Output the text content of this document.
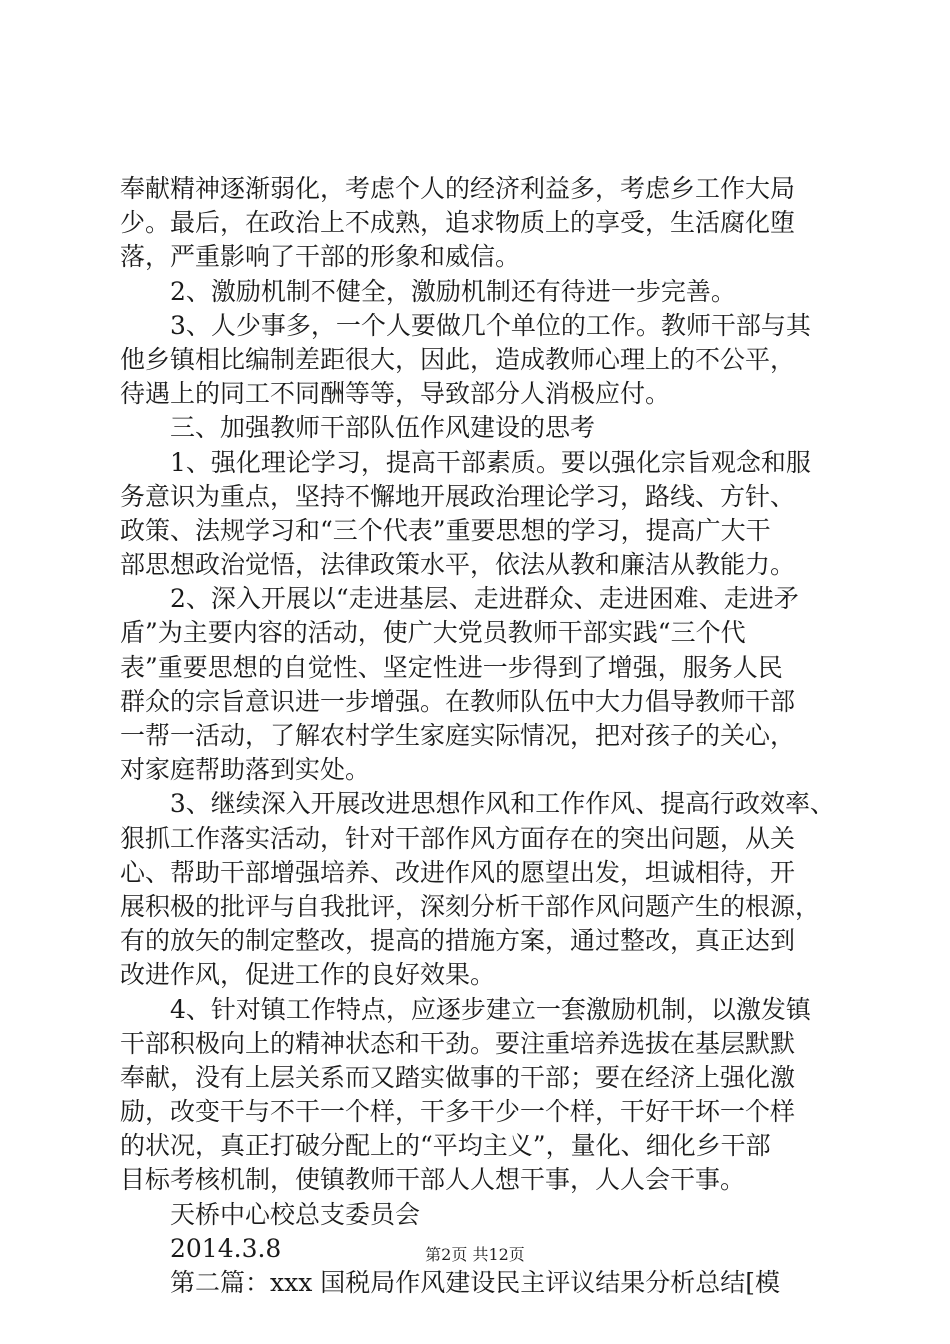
奉献精神逐渐弱化，考虑个人的经济利益多，考虑乡工作大局
少。最后，在政治上不成熟，追求物质上的享受，生活腐化堕
落，严重影响了干部的形象和威信。
　　2、激励机制不健全，激励机制还有待进一步完善。
　　3、人少事多，一个人要做几个单位的工作。教师干部与其
他乡镇相比编制差距很大，因此，造成教师心理上的不公平，
待遇上的同工不同酬等等，导致部分人消极应付。
　　三、加强教师干部队伍作风建设的思考
　　1、强化理论学习，提高干部素质。要以强化宗旨观念和服
务意识为重点，坚持不懈地开展政治理论学习，路线、方针、
政策、法规学习和“三个代表”重要思想的学习，提高广大干
部思想政治觉悟，法律政策水平，依法从教和廉洁从教能力。
　　2、深入开展以“走进基层、走进群众、走进困难、走进矛
盾”为主要内容的活动，使广大党员教师干部实践“三个代
表”重要思想的自觉性、坚定性进一步得到了增强，服务人民
群众的宗旨意识进一步增强。在教师队伍中大力倡导教师干部
一帮一活动，了解农村学生家庭实际情况，把对孩子的关心，
对家庭帮助落到实处。
　　3、继续深入开展改进思想作风和工作作风、提高行政效率、
狠抓工作落实活动，针对干部作风方面存在的突出问题，从关
心、帮助干部增强培养、改进作风的愿望出发，坦诚相待，开
展积极的批评与自我批评，深刻分析干部作风问题产生的根源，
有的放矢的制定整改，提高的措施方案，通过整改，真正达到
改进作风，促进工作的良好效果。
　　4、针对镇工作特点，应逐步建立一套激励机制，以激发镇
干部积极向上的精神状态和干劲。要注重培养选拔在基层默默
奉献，没有上层关系而又踏实做事的干部；要在经济上强化激
励，改变干与不干一个样，干多干少一个样，干好干坏一个样
的状况，真正打破分配上的“平均主义”，量化、细化乡干部
目标考核机制，使镇教师干部人人想干事，人人会干事。
　　天桥中心校总支委员会
　　2014.3.8
　　第二篇：xxx 国税局作风建设民主评议结果分析总结[模
第2页 共12页
